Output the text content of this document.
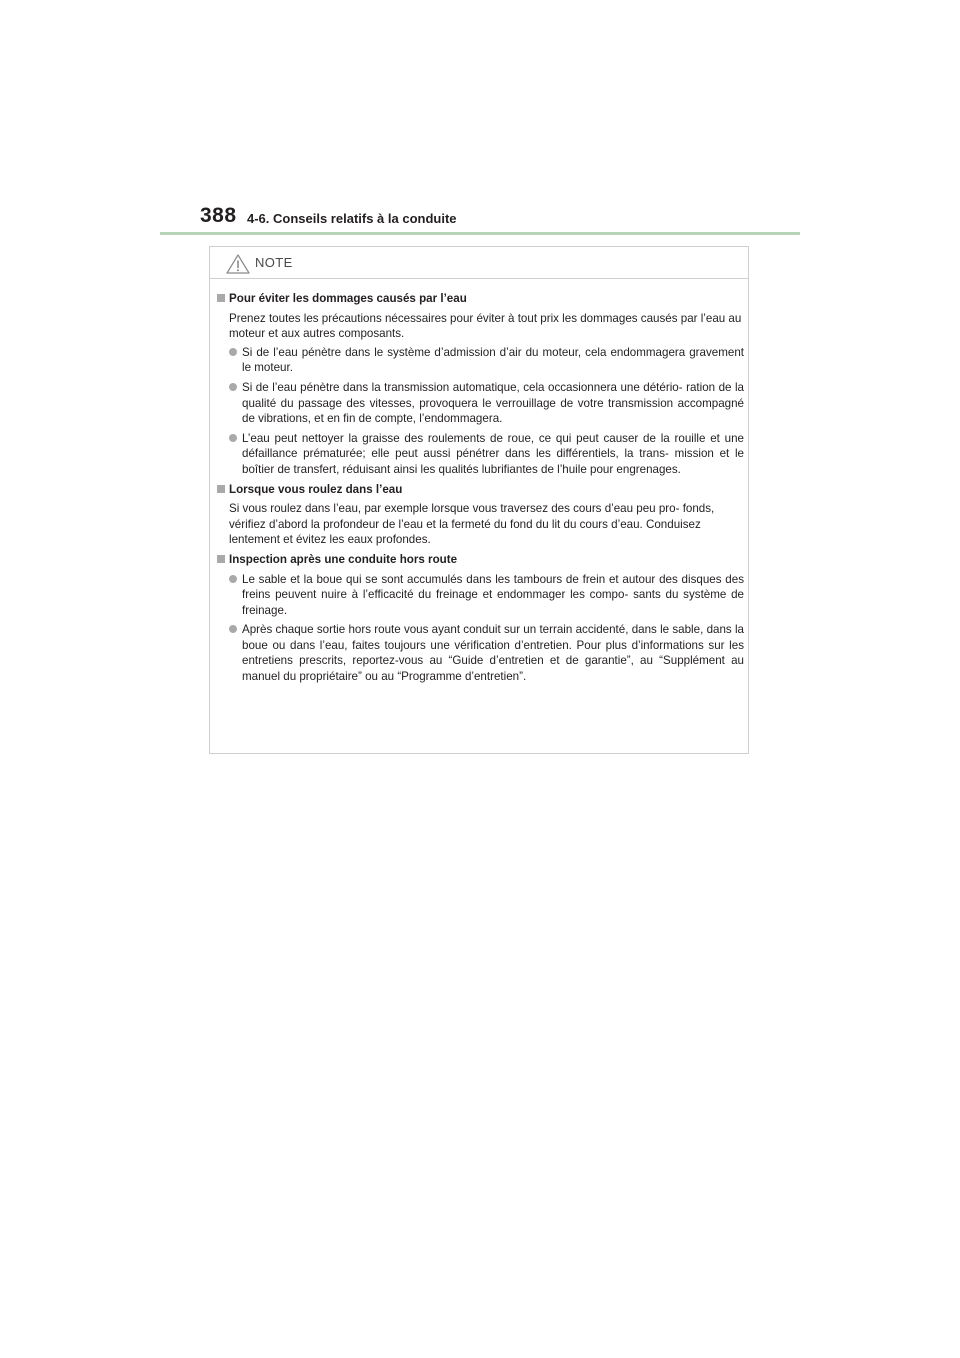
388 4-6. Conseils relatifs à la conduite
NOTE
Pour éviter les dommages causés par l’eau
Prenez toutes les précautions nécessaires pour éviter à tout prix les dommages causés par l’eau au moteur et aux autres composants.
Si de l’eau pénètre dans le système d’admission d’air du moteur, cela endommagera gravement le moteur.
Si de l’eau pénètre dans la transmission automatique, cela occasionnera une détério- ration de la qualité du passage des vitesses, provoquera le verrouillage de votre transmission accompagné de vibrations, et en fin de compte, l’endommagera.
L’eau peut nettoyer la graisse des roulements de roue, ce qui peut causer de la rouille et une défaillance prématurée; elle peut aussi pénétrer dans les différentiels, la trans- mission et le boîtier de transfert, réduisant ainsi les qualités lubrifiantes de l’huile pour engrenages.
Lorsque vous roulez dans l’eau
Si vous roulez dans l’eau, par exemple lorsque vous traversez des cours d’eau peu pro- fonds, vérifiez d’abord la profondeur de l’eau et la fermeté du fond du lit du cours d’eau. Conduisez lentement et évitez les eaux profondes.
Inspection après une conduite hors route
Le sable et la boue qui se sont accumulés dans les tambours de frein et autour des disques des freins peuvent nuire à l’efficacité du freinage et endommager les compo- sants du système de freinage.
Après chaque sortie hors route vous ayant conduit sur un terrain accidenté, dans le sable, dans la boue ou dans l’eau, faites toujours une vérification d’entretien. Pour plus d’informations sur les entretiens prescrits, reportez-vous au “Guide d’entretien et de garantie”, au “Supplément au manuel du propriétaire” ou au “Programme d’entretien”.
